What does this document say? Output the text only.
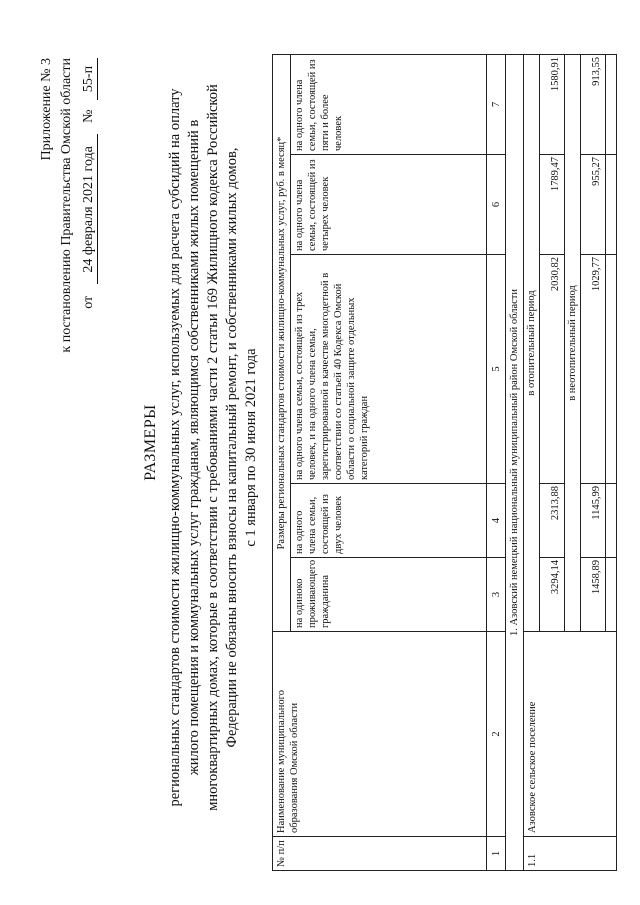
Приложение № 3 к постановлению Правительства Омской области от 24 февраля 2021 года № 55-п
РАЗМЕРЫ региональных стандартов стоимости жилищно-коммунальных услуг, используемых для расчета субсидий на оплату жилого помещения и коммунальных услуг гражданам, являющимся собственниками жилых помещений в многоквартирных домах, которые в соответствии с требованиями части 2 статьи 169 Жилищного кодекса Российской Федерации не обязаны вносить взносы на капитальный ремонт, и собственниками жилых домов, с 1 января по 30 июня 2021 года
№ п/п	Наименование муниципального образования Омской области	Размеры региональных стандартов стоимости жилищно-коммунальных услуг, руб. в месяц*				
		на одиноко проживающего гражданина	на одного члена семьи, состоящей из двух человек	на одного члена семьи, состоящей из трех человек, и на одного члена семьи, зарегистрированной в качестве многодетной в соответствии со статьей 40 Кодекса Омской области о социальной защите отдельных категорий граждан	на одного члена семьи, состоящей из четырех человек	на одного члена семьи, состоящей из пяти и более человек
1	2	3	4	5	6	7
1. Азовский немецкий национальный муниципальный район Омской области						
1.1	Азовское сельское поселение	в отопительный период				
		3294,14	2313,88	2030,82	1789,47	1580,91
		в неотопительный период				
		1458,89	1145,99	1029,77	955,27	913,55
